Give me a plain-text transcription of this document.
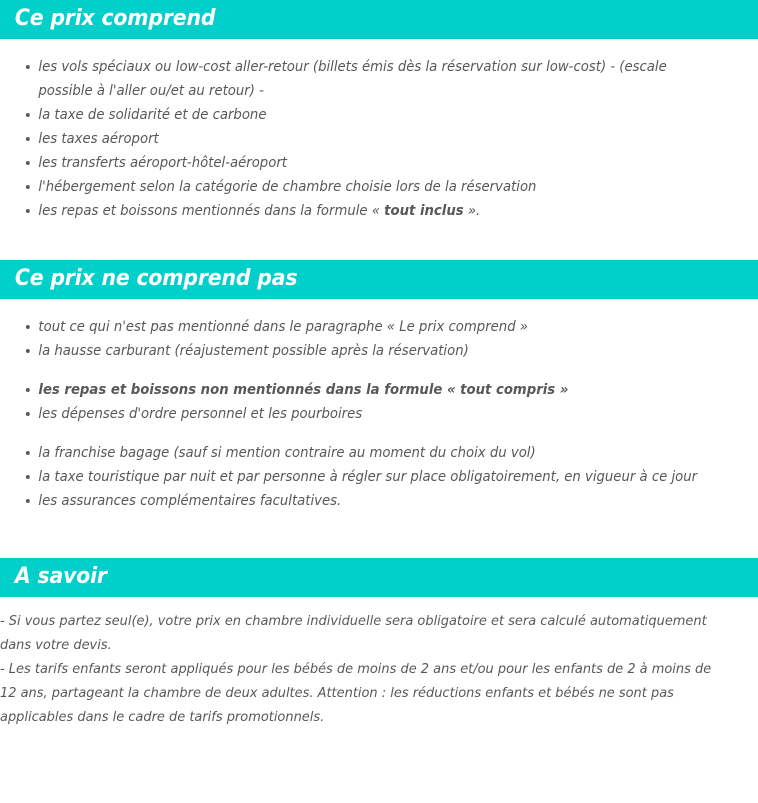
Ce prix comprend
les vols spéciaux ou low-cost aller-retour (billets émis dès la réservation sur low-cost) - (escale possible à l'aller ou/et au retour) -
la taxe de solidarité et de carbone
les taxes aéroport
les transferts aéroport-hôtel-aéroport
l'hébergement selon la catégorie de chambre choisie lors de la réservation
les repas et boissons mentionnés dans la formule « tout inclus ».
Ce prix ne comprend pas
tout ce qui n'est pas mentionné dans le paragraphe « Le prix comprend »
la hausse carburant (réajustement possible après la réservation)
les repas et boissons non mentionnés dans la formule « tout compris »
les dépenses d'ordre personnel et les pourboires
la franchise bagage (sauf si mention contraire au moment du choix du vol)
la taxe touristique par nuit et par personne à régler sur place obligatoirement, en vigueur à ce jour
les assurances complémentaires facultatives.
A savoir

- Si vous partez seul(e), votre prix en chambre individuelle sera obligatoire et sera calculé automatiquement dans votre devis.

- Les tarifs enfants seront appliqués pour les bébés de moins de 2 ans et/ou pour les enfants de 2 à moins de 12 ans, partageant la chambre de deux adultes. Attention : les réductions enfants et bébés ne sont pas applicables dans le cadre de tarifs promotionnels.
